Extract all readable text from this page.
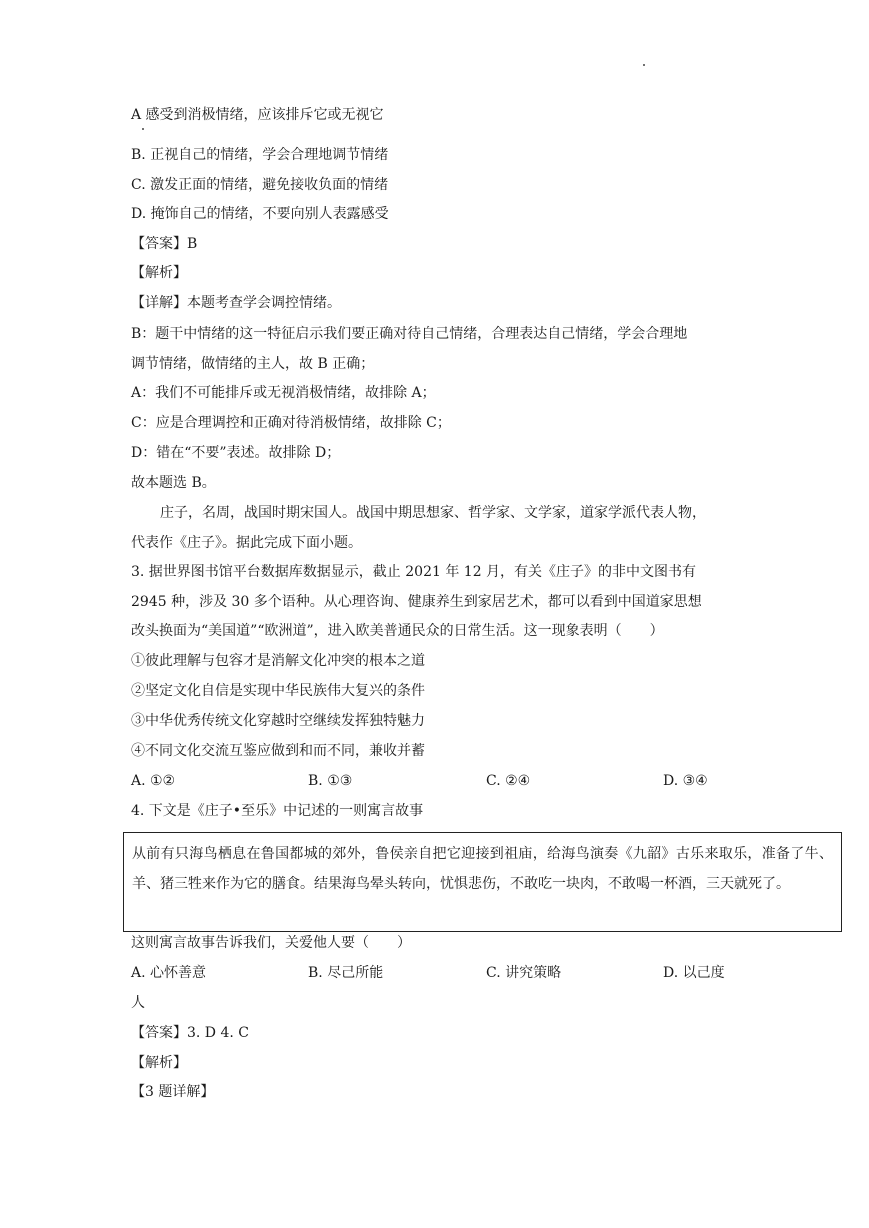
A 感受到消极情绪，应该排斥它或无视它
B. 正视自己的情绪，学会合理地调节情绪
C. 激发正面的情绪，避免接收负面的情绪
D. 掩饰自己的情绪，不要向别人表露感受
【答案】B
【解析】
【详解】本题考查学会调控情绪。
B：题干中情绪的这一特征启示我们要正确对待自己情绪，合理表达自己情绪，学会合理地
调节情绪，做情绪的主人，故 B 正确；
A：我们不可能排斥或无视消极情绪，故排除 A；
C：应是合理调控和正确对待消极情绪，故排除 C；
D：错在“不要”表述。故排除 D；
故本题选 B。
庄子，名周，战国时期宋国人。战国中期思想家、哲学家、文学家，道家学派代表人物，
代表作《庄子》。据此完成下面小题。
3. 据世界图书馆平台数据库数据显示，截止 2021 年 12 月，有关《庄子》的非中文图书有
2945 种，涉及 30 多个语种。从心理咨询、健康养生到家居艺术，都可以看到中国道家思想
改头换面为“美国道”“欧洲道”，进入欧美普通民众的日常生活。这一现象表明（　　）
①彼此理解与包容才是消解文化冲突的根本之道
②坚定文化自信是实现中华民族伟大复兴的条件
③中华优秀传统文化穿越时空继续发挥独特魅力
④不同文化交流互鉴应做到和而不同，兼收并蓄
A. ①②	B. ①③	C. ②④	D. ③④
4. 下文是《庄子•至乐》中记述的一则寓言故事
从前有只海鸟栖息在鲁国都城的郊外，鲁侯亲自把它迎接到祖庙，给海鸟演奏《九韶》古乐来取乐，准备了牛、羊、猪三牲来作为它的膳食。结果海鸟晕头转向，忧惧悲伤，不敢吃一块肉，不敢喝一杯酒，三天就死了。
这则寓言故事告诉我们，关爱他人要（　　）
A. 心怀善意	B. 尽己所能	C. 讲究策略	D. 以己度
人
【答案】3. D 4. C
【解析】
【3 题详解】
